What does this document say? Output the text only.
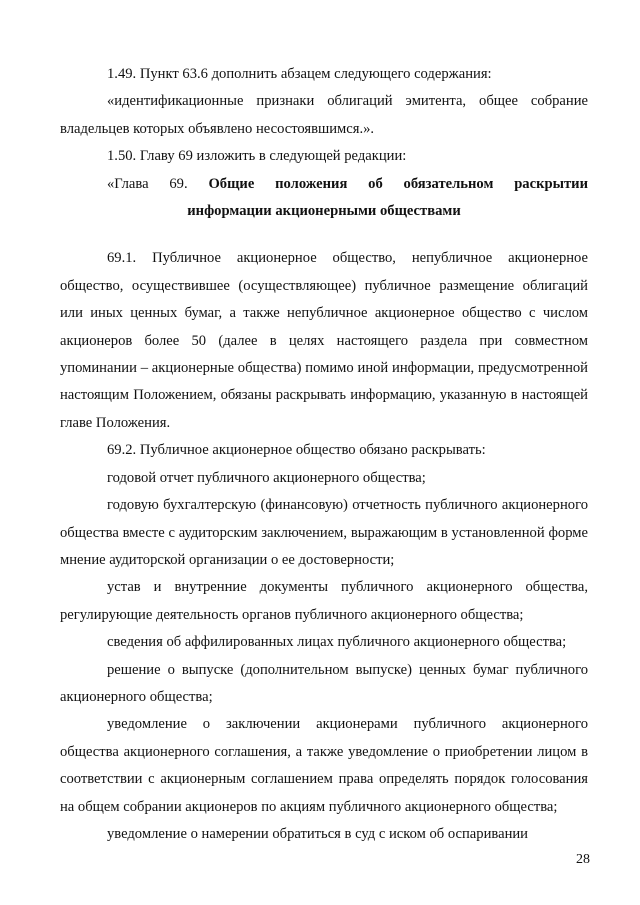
1.49. Пункт 63.6 дополнить абзацем следующего содержания:

«идентификационные признаки облигаций эмитента, общее собрание владельцев которых объявлено несостоявшимся.».

1.50. Главу 69 изложить в следующей редакции:

«Глава 69. Общие положения об обязательном раскрытии

информации акционерными обществами

69.1. Публичное акционерное общество, непубличное акционерное общество, осуществившее (осуществляющее) публичное размещение облигаций или иных ценных бумаг, а также непубличное акционерное общество с числом акционеров более 50 (далее в целях настоящего раздела при совместном упоминании – акционерные общества) помимо иной информации, предусмотренной настоящим Положением, обязаны раскрывать информацию, указанную в настоящей главе Положения.

69.2. Публичное акционерное общество обязано раскрывать:

годовой отчет публичного акционерного общества;

годовую бухгалтерскую (финансовую) отчетность публичного акционерного общества вместе с аудиторским заключением, выражающим в установленной форме мнение аудиторской организации о ее достоверности;

устав и внутренние документы публичного акционерного общества, регулирующие деятельность органов публичного акционерного общества;

сведения об аффилированных лицах публичного акционерного общества;

решение о выпуске (дополнительном выпуске) ценных бумаг публичного акционерного общества;

уведомление о заключении акционерами публичного акционерного общества акционерного соглашения, а также уведомление о приобретении лицом в соответствии с акционерным соглашением права определять порядок голосования на общем собрании акционеров по акциям публичного акционерного общества;

уведомление о намерении обратиться в суд с иском об оспаривании

28
